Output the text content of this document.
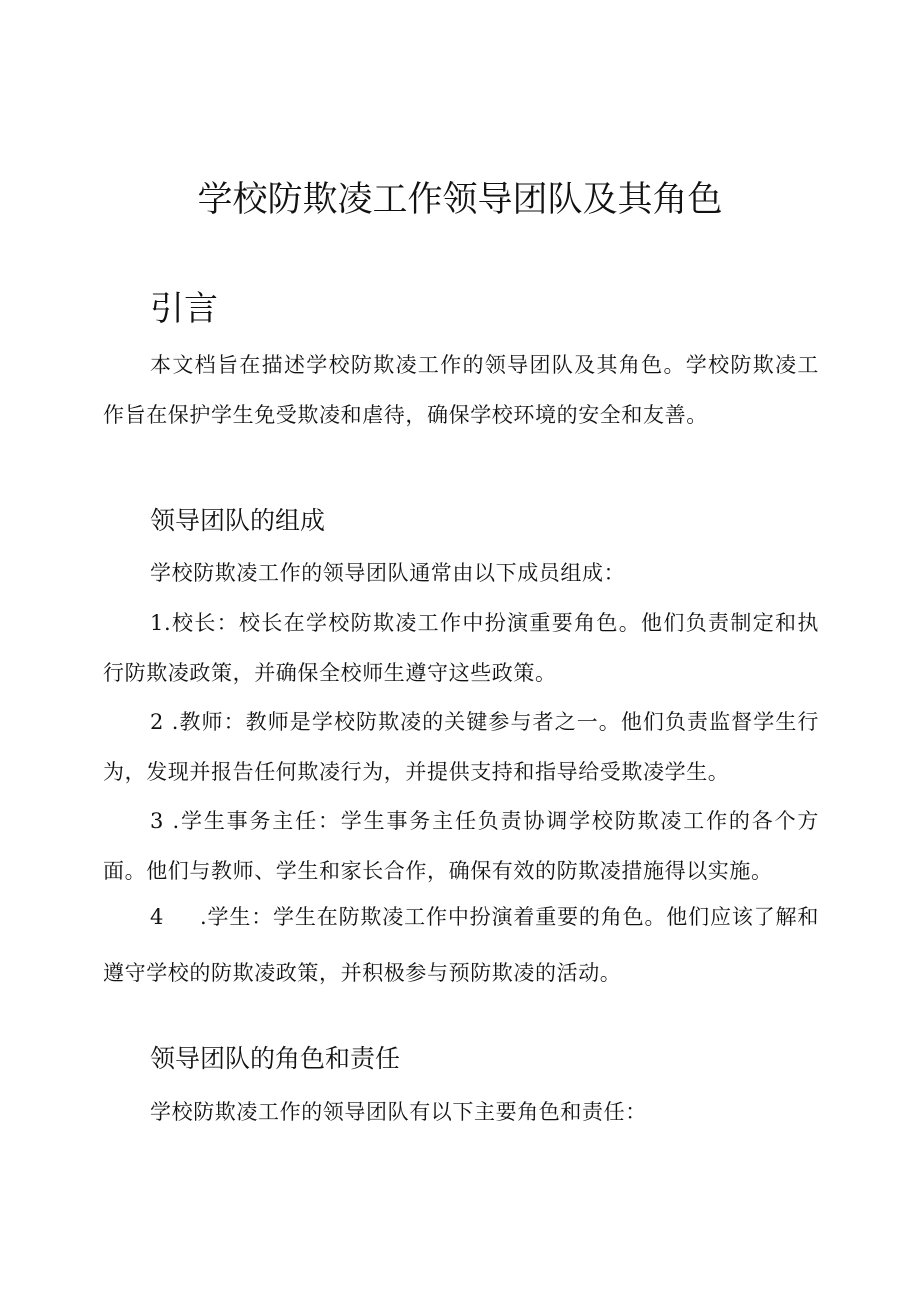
学校防欺凌工作领导团队及其角色
引言

本文档旨在描述学校防欺凌工作的领导团队及其角色。学校防欺凌工作旨在保护学生免受欺凌和虐待，确保学校环境的安全和友善。

领导团队的组成

学校防欺凌工作的领导团队通常由以下成员组成：

1.校长：校长在学校防欺凌工作中扮演重要角色。他们负责制定和执行防欺凌政策，并确保全校师生遵守这些政策。

2 .教师：教师是学校防欺凌的关键参与者之一。他们负责监督学生行为，发现并报告任何欺凌行为，并提供支持和指导给受欺凌学生。

3 .学生事务主任：学生事务主任负责协调学校防欺凌工作的各个方面。他们与教师、学生和家长合作，确保有效的防欺凌措施得以实施。

4 .学生：学生在防欺凌工作中扮演着重要的角色。他们应该了解和遵守学校的防欺凌政策，并积极参与预防欺凌的活动。

领导团队的角色和责任

学校防欺凌工作的领导团队有以下主要角色和责任：
